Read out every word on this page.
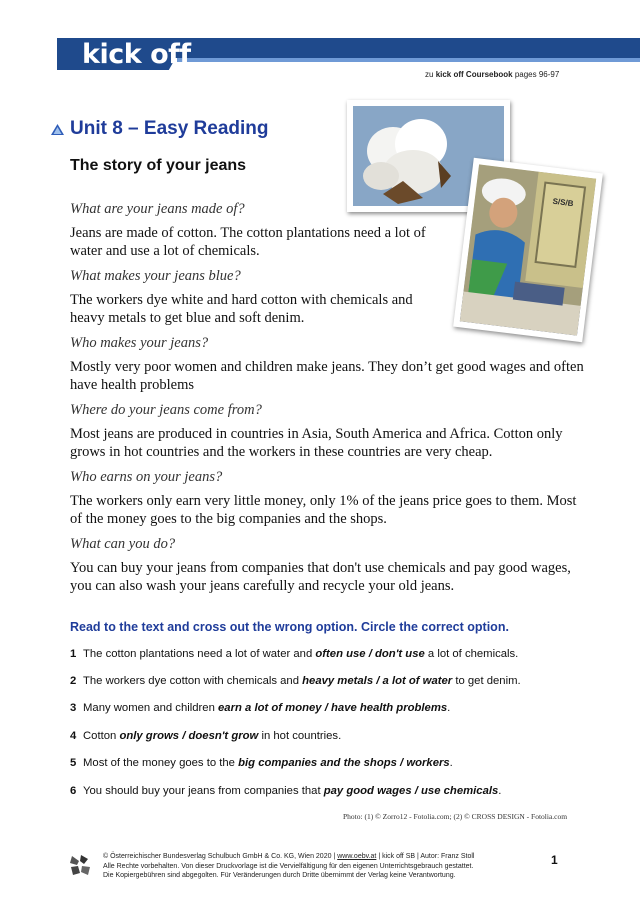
kick off
zu kick off Coursebook pages 96-97
Unit 8 – Easy Reading
The story of your jeans
S/S/B
What are your jeans made of?
Jeans are made of cotton. The cotton plantations need a lot of water and use a lot of chemicals.
What makes your jeans blue?
The workers dye white and hard cotton with chemicals and heavy metals to get blue and soft denim.
Who makes your jeans?
Mostly very poor women and children make jeans. They don’t get good wages and often have health problems
Where do your jeans come from?
Most jeans are produced in countries in Asia, South America and Africa. Cotton only grows in hot countries and the workers in these countries are very cheap.
Who earns on your jeans?
The workers only earn very little money, only 1% of the jeans price goes to them. Most of the money goes to the big companies and the shops.
What can you do?
You can buy your jeans from companies that don't use chemicals and pay good wages, you can also wash your jeans carefully and recycle your old jeans.
Read to the text and cross out the wrong option. Circle the correct option.
1 The cotton plantations need a lot of water and often use / don't use a lot of chemicals.
2 The workers dye cotton with chemicals and heavy metals / a lot of water to get denim.
3 Many women and children earn a lot of money / have health problems.
4 Cotton only grows / doesn't grow in hot countries.
5 Most of the money goes to the big companies and the shops / workers.
6 You should buy your jeans from companies that pay good wages / use chemicals.
Photo: (1) © Zorro12 - Fotolia.com; (2) © CROSS DESIGN - Fotolia.com
© Österreichischer Bundesverlag Schulbuch GmbH & Co. KG, Wien 2020 | www.oebv.at | kick off SB | Autor: Franz Stoll
Alle Rechte vorbehalten. Von dieser Druckvorlage ist die Vervielfältigung für den eigenen Unterrichtsgebrauch gestattet.
Die Kopiergebühren sind abgegolten. Für Veränderungen durch Dritte übernimmt der Verlag keine Verantwortung.
1
